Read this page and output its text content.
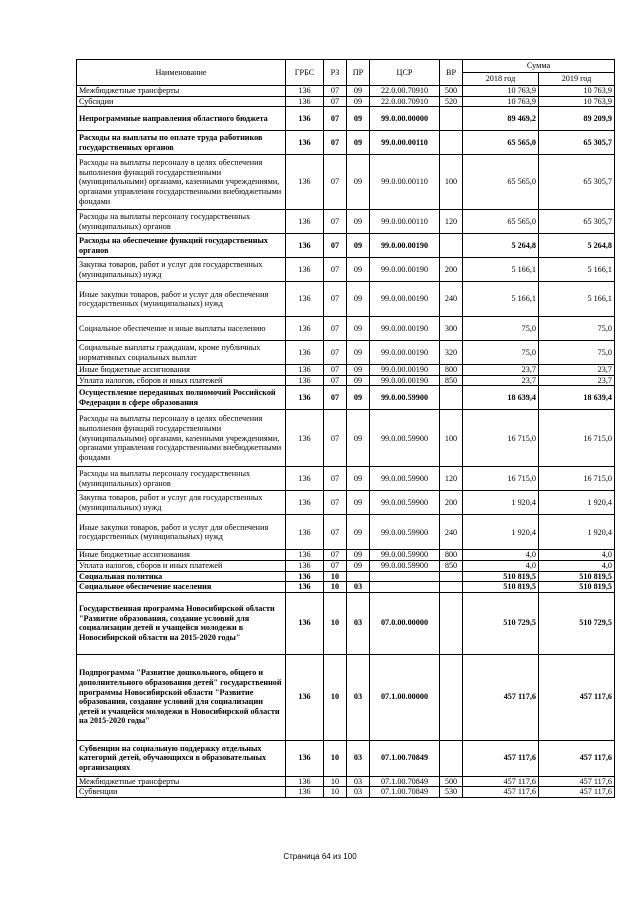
Наименование	ГРБС	РЗ	ПР	ЦСР	ВР	Сумма	
						2018 год	2019 год
Межбюджетные трансферты	136	07	09	22.0.00.70910	500	10 763,9	10 763,9
Субсидии	136	07	09	22.0.00.70910	520	10 763,9	10 763,9
Непрограммные направления областного бюджета	136	07	09	99.0.00.00000		89 469,2	89 209,9
Расходы на выплаты по оплате труда работников государственных органов	136	07	09	99.0.00.00110		65 565,0	65 305,7
Расходы на выплаты персоналу в целях обеспечения выполнения функций государственными (муниципальными) органами, казенными учреждениями, органами управления государственными внебюджетными фондами	136	07	09	99.0.00.00110	100	65 565,0	65 305,7
Расходы на выплаты персоналу государственных (муниципальных) органов	136	07	09	99.0.00.00110	120	65 565,0	65 305,7
Расходы на обеспечение функций государственных органов	136	07	09	99.0.00.00190		5 264,8	5 264,8
Закупка товаров, работ и услуг для государственных (муниципальных) нужд	136	07	09	99.0.00.00190	200	5 166,1	5 166,1
Иные закупки товаров, работ и услуг для обеспечения государственных (муниципальных) нужд	136	07	09	99.0.00.00190	240	5 166,1	5 166,1
Социальное обеспечение и иные выплаты населению	136	07	09	99.0.00.00190	300	75,0	75,0
Социальные выплаты гражданам, кроме публичных нормативных социальных выплат	136	07	09	99.0.00.00190	320	75,0	75,0
Иные бюджетные ассигнования	136	07	09	99.0.00.00190	800	23,7	23,7
Уплата налогов, сборов и иных платежей	136	07	09	99.0.00.00190	850	23,7	23,7
Осуществление переданных полномочий Российской Федерации в сфере образования	136	07	09	99.0.00.59900		18 639,4	18 639,4
Расходы на выплаты персоналу в целях обеспечения выполнения функций государственными (муниципальными) органами, казенными учреждениями, органами управления государственными внебюджетными фондами	136	07	09	99.0.00.59900	100	16 715,0	16 715,0
Расходы на выплаты персоналу государственных (муниципальных) органов	136	07	09	99.0.00.59900	120	16 715,0	16 715,0
Закупка товаров, работ и услуг для государственных (муниципальных) нужд	136	07	09	99.0.00.59900	200	1 920,4	1 920,4
Иные закупки товаров, работ и услуг для обеспечения государственных (муниципальных) нужд	136	07	09	99.0.00.59900	240	1 920,4	1 920,4
Иные бюджетные ассигнования	136	07	09	99.0.00.59900	800	4,0	4,0
Уплата налогов, сборов и иных платежей	136	07	09	99.0.00.59900	850	4,0	4,0
Социальная политика	136	10				510 819,5	510 819,5
Социальное обеспечение населения	136	10	03			510 819,5	510 819,5
Государственная программа Новосибирской области "Развитие образования, создание условий для социализации детей и учащейся молодежи в Новосибирской области на 2015-2020 годы"	136	10	03	07.0.00.00000		510 729,5	510 729,5
Подпрограмма "Развитие дошкольного, общего и дополнительного образования детей" государственной программы Новосибирской области "Развитие образования, создание условий для социализации детей и учащейся молодежи в Новосибирской области на 2015-2020 годы"	136	10	03	07.1.00.00000		457 117,6	457 117,6
Субвенции на социальную поддержку отдельных категорий детей, обучающихся в образовательных организациях	136	10	03	07.1.00.70849		457 117,6	457 117,6
Межбюджетные трансферты	136	10	03	07.1.00.70849	500	457 117,6	457 117,6
Субвенции	136	10	03	07.1.00.70849	530	457 117,6	457 117,6
Страница 64 из 100
